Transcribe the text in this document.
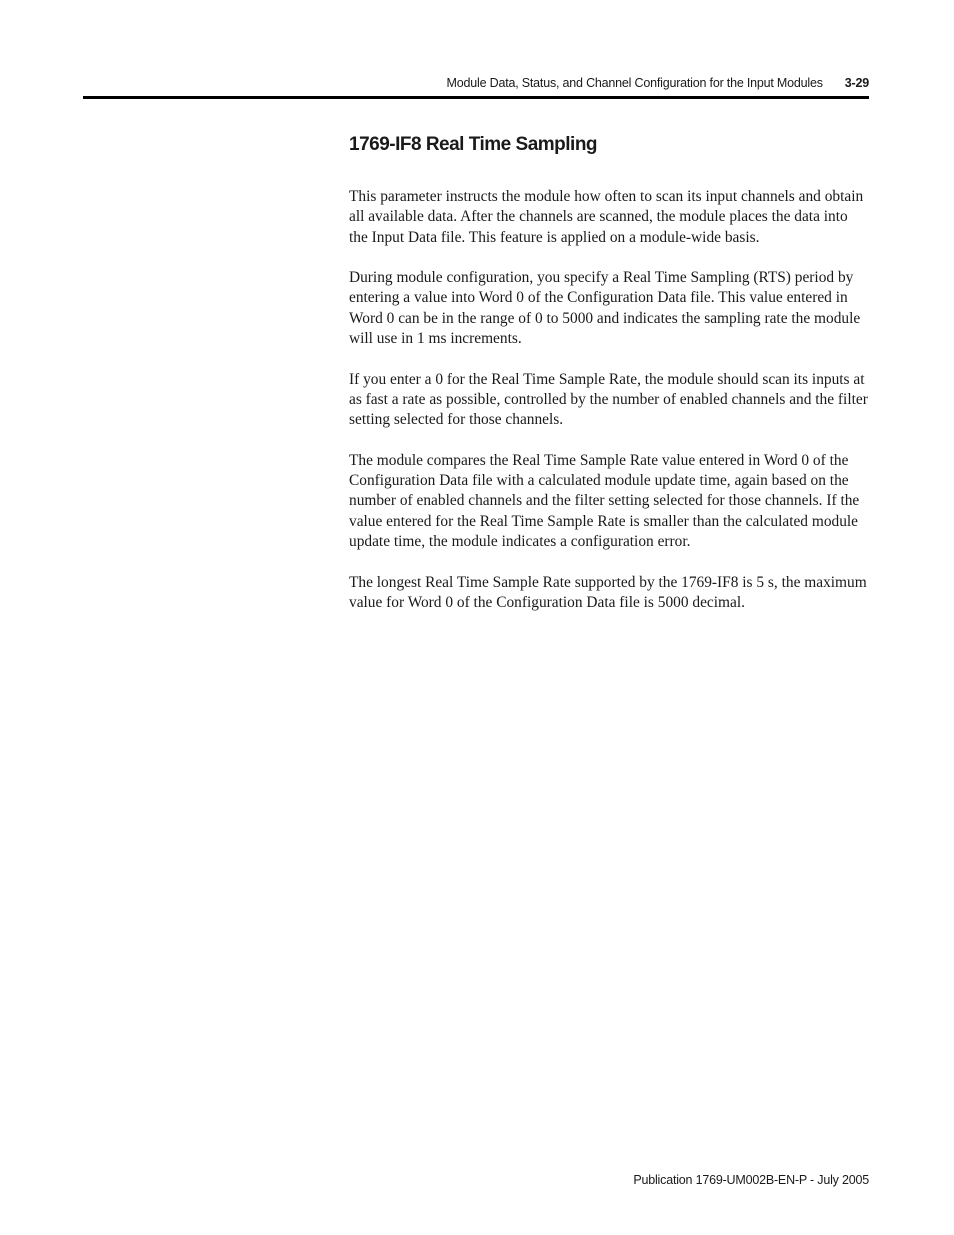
Module Data, Status, and Channel Configuration for the Input Modules 3-29
1769-IF8 Real Time Sampling

This parameter instructs the module how often to scan its input channels and obtain all available data. After the channels are scanned, the module places the data into the Input Data file. This feature is applied on a module-wide basis.

During module configuration, you specify a Real Time Sampling (RTS) period by entering a value into Word 0 of the Configuration Data file. This value entered in Word 0 can be in the range of 0 to 5000 and indicates the sampling rate the module will use in 1 ms increments.

If you enter a 0 for the Real Time Sample Rate, the module should scan its inputs at as fast a rate as possible, controlled by the number of enabled channels and the filter setting selected for those channels.

The module compares the Real Time Sample Rate value entered in Word 0 of the Configuration Data file with a calculated module update time, again based on the number of enabled channels and the filter setting selected for those channels. If the value entered for the Real Time Sample Rate is smaller than the calculated module update time, the module indicates a configuration error.

The longest Real Time Sample Rate supported by the 1769-IF8 is 5 s, the maximum value for Word 0 of the Configuration Data file is 5000 decimal.

Publication 1769-UM002B-EN-P - July 2005
